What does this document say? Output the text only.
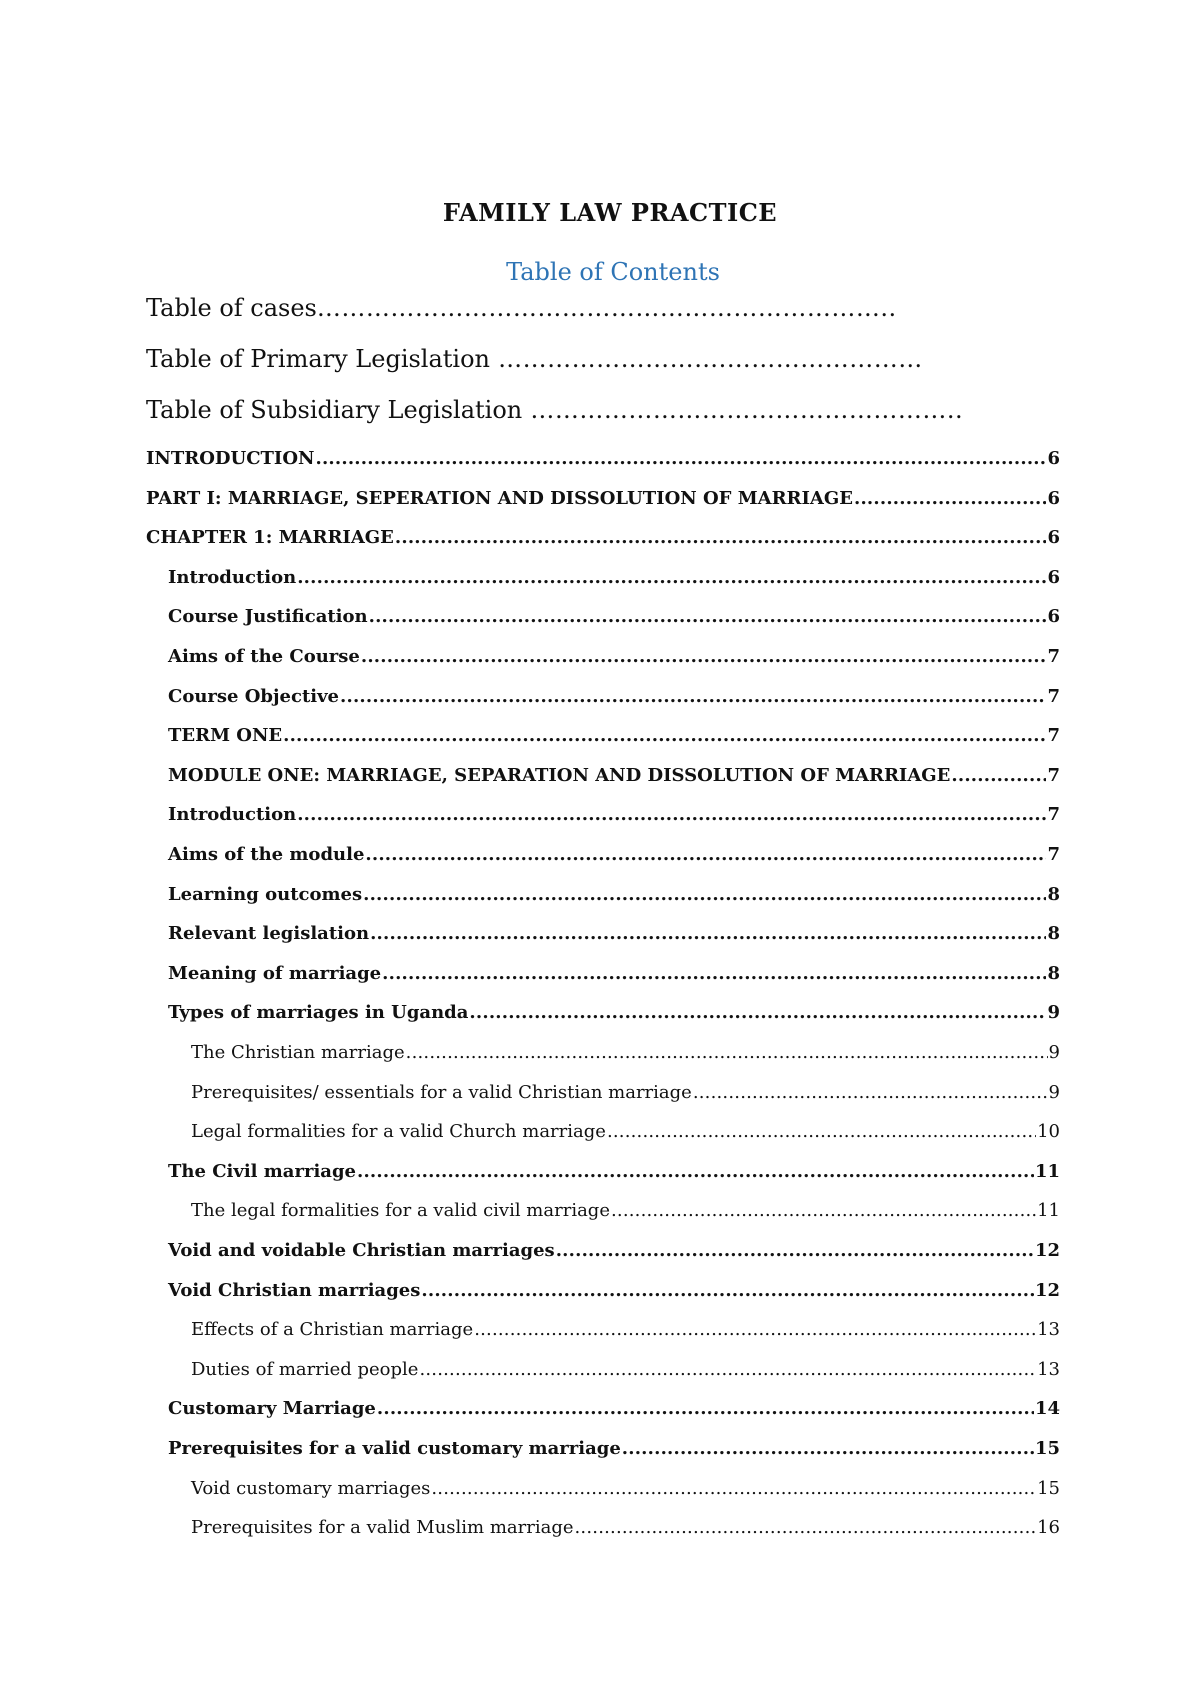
FAMILY LAW PRACTICE
Table of Contents
Table of cases……………………………………………………………..
Table of Primary Legislation ……………………….……………………
Table of Subsidiary Legislation ……………………………………………..
INTRODUCTION .....	6
PART I: MARRIAGE, SEPERATION AND DISSOLUTION OF MARRIAGE .....	6
CHAPTER 1: MARRIAGE .....	6
Introduction .....	6
Course Justification .....	6
Aims of the Course .....	7
Course Objective .....	7
TERM ONE .....	7
MODULE ONE: MARRIAGE, SEPARATION AND DISSOLUTION OF MARRIAGE .....	7
Introduction .....	7
Aims of the module .....	7
Learning outcomes .....	8
Relevant legislation .....	8
Meaning of marriage .....	8
Types of marriages in Uganda .....	9
The Christian marriage .....	9
Prerequisites/ essentials for a valid Christian marriage .....	9
Legal formalities for a valid Church marriage .....	10
The Civil marriage .....	11
The legal formalities for a valid civil marriage .....	11
Void and voidable Christian marriages .....	12
Void Christian marriages .....	12
Effects of a Christian marriage .....	13
Duties of married people .....	13
Customary Marriage .....	14
Prerequisites for a valid customary marriage .....	15
Void customary marriages .....	15
Prerequisites for a valid Muslim marriage .....	16
